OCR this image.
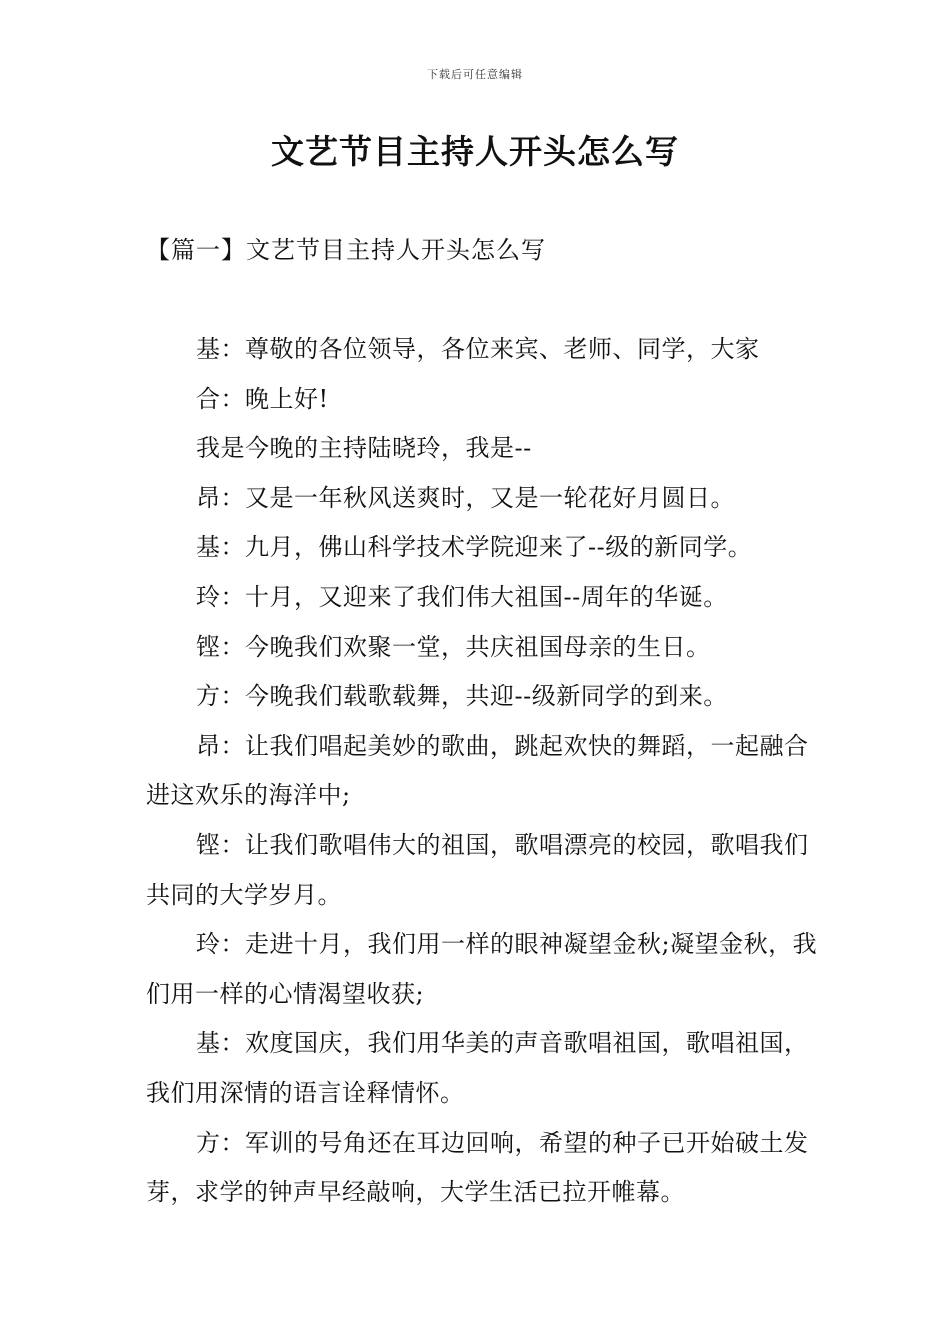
下载后可任意编辑
文艺节目主持人开头怎么写
【篇一】文艺节目主持人开头怎么写

基：尊敬的各位领导，各位来宾、老师、同学，大家

合：晚上好!

我是今晚的主持陆晓玲，我是--

昂：又是一年秋风送爽时，又是一轮花好月圆日。

基：九月，佛山科学技术学院迎来了--级的新同学。

玲：十月，又迎来了我们伟大祖国--周年的华诞。

铿：今晚我们欢聚一堂，共庆祖国母亲的生日。

方：今晚我们载歌载舞，共迎--级新同学的到来。

昂：让我们唱起美妙的歌曲，跳起欢快的舞蹈，一起融合进这欢乐的海洋中;

铿：让我们歌唱伟大的祖国，歌唱漂亮的校园，歌唱我们共同的大学岁月。

玲：走进十月，我们用一样的眼神凝望金秋;凝望金秋，我们用一样的心情渴望收获;

基：欢度国庆，我们用华美的声音歌唱祖国，歌唱祖国，我们用深情的语言诠释情怀。

方：军训的号角还在耳边回响，希望的种子已开始破土发芽，求学的钟声早经敲响，大学生活已拉开帷幕。
